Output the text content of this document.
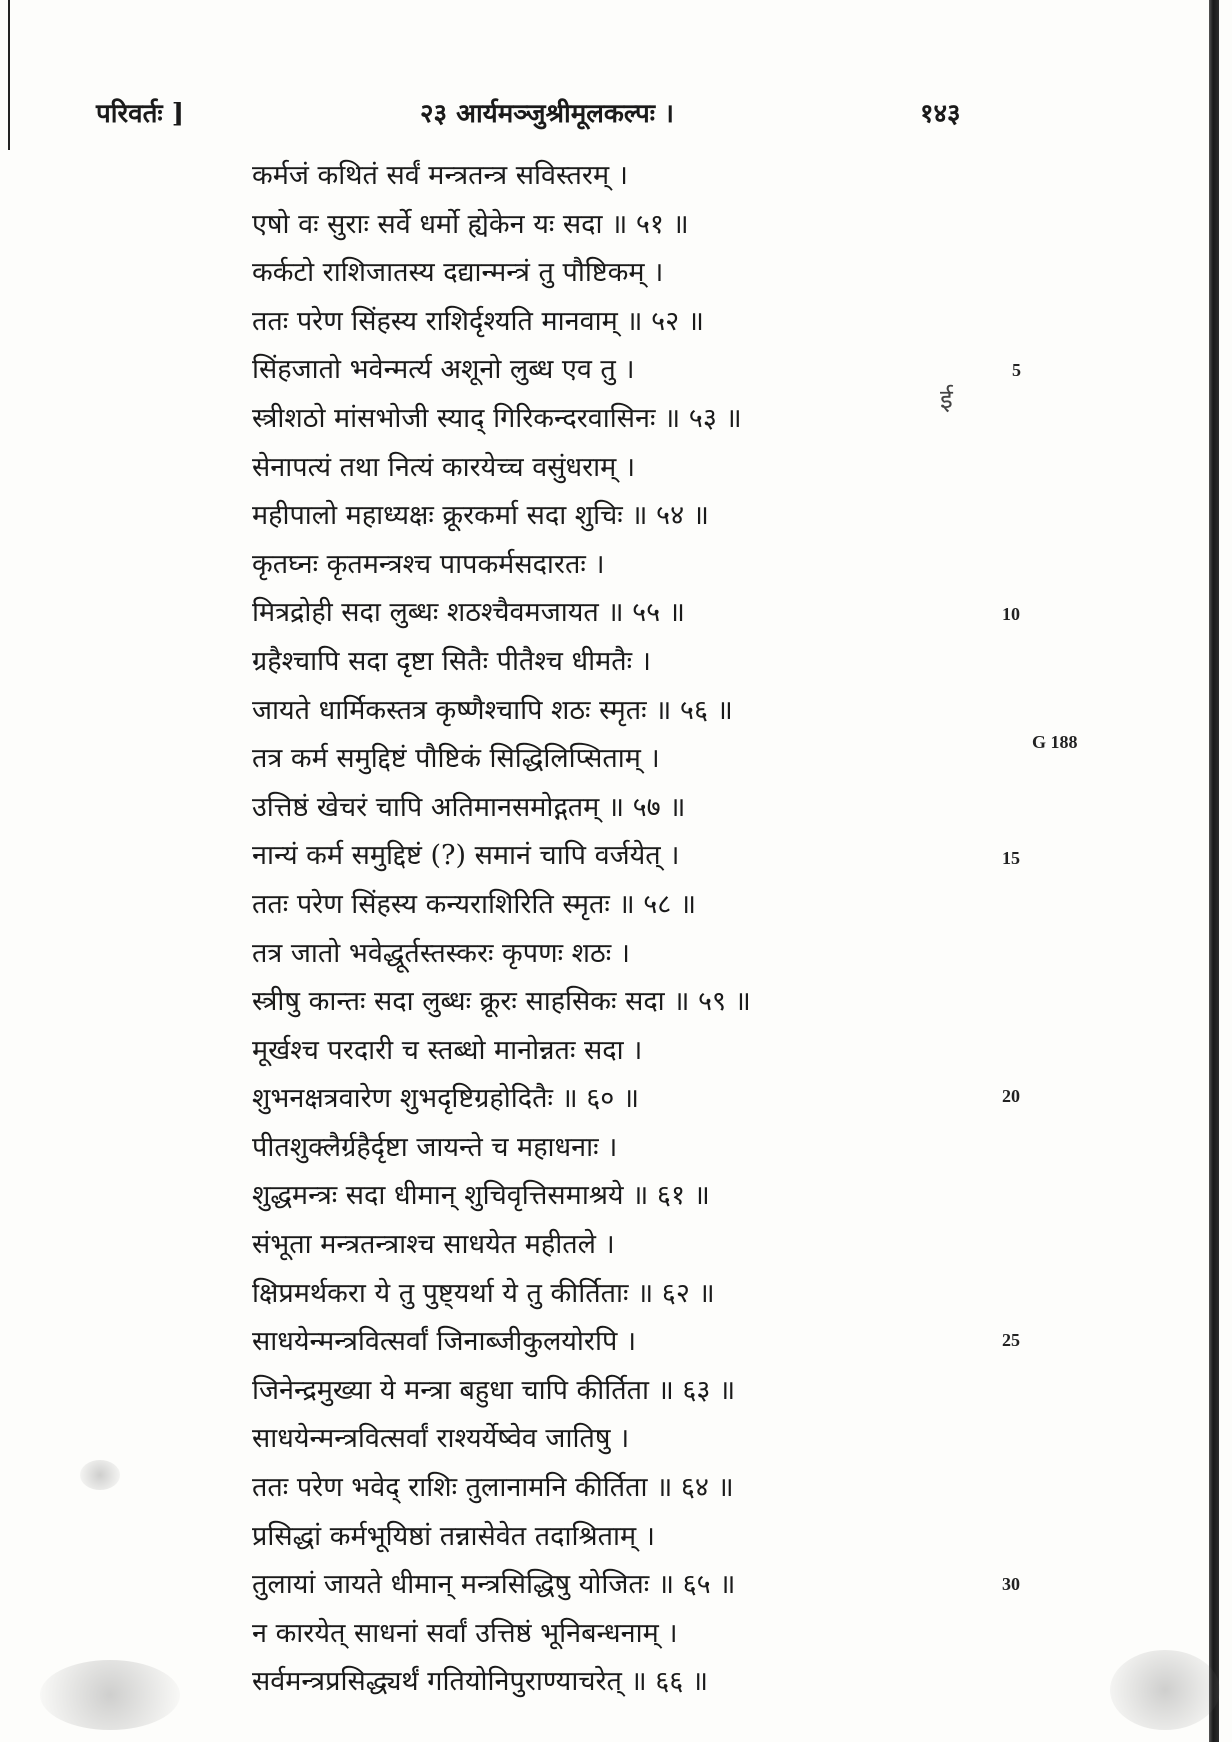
परिवर्तः ]	२३ आर्यमञ्जुश्रीमूलकल्पः ।	१४३
कर्मजं कथितं सर्वं मन्त्रतन्त्र सविस्तरम् ।
एषो वः सुराः सर्वे धर्मो ह्येकेन यः सदा ॥ ५१ ॥
कर्कटो राशिजातस्य दद्यान्मन्त्रं तु पौष्टिकम् ।
ततः परेण सिंहस्य राशिर्दृश्यति मानवाम् ॥ ५२ ॥
सिंहजातो भवेन्मर्त्य अशूनो लुब्ध एव तु ।
स्त्रीशठो मांसभोजी स्याद् गिरिकन्दरवासिनः ॥ ५३ ॥
सेनापत्यं तथा नित्यं कारयेच्च वसुंधराम् ।
महीपालो महाध्यक्षः क्रूरकर्मा सदा शुचिः ॥ ५४ ॥
कृतघ्नः कृतमन्त्रश्च पापकर्मसदारतः ।
मित्रद्रोही सदा लुब्धः शठश्चैवमजायत ॥ ५५ ॥
ग्रहैश्चापि सदा दृष्टा सितैः पीतैश्च धीमतैः ।
जायते धार्मिकस्तत्र कृष्णैश्चापि शठः स्मृतः ॥ ५६ ॥
तत्र कर्म समुद्दिष्टं पौष्टिकं सिद्धिलिप्सिताम् ।
उत्तिष्ठं खेचरं चापि अतिमानसमोद्गतम् ॥ ५७ ॥
नान्यं कर्म समुद्दिष्टं (?) समानं चापि वर्जयेत् ।
ततः परेण सिंहस्य कन्यराशिरिति स्मृतः ॥ ५८ ॥
तत्र जातो भवेद्धूर्तस्तस्करः कृपणः शठः ।
स्त्रीषु कान्तः सदा लुब्धः क्रूरः साहसिकः सदा ॥ ५९ ॥
मूर्खश्च परदारी च स्तब्धो मानोन्नतः सदा ।
शुभनक्षत्रवारेण शुभदृष्टिग्रहोदितैः ॥ ६० ॥
पीतशुक्लैर्ग्रहैर्दृष्टा जायन्ते च महाधनाः ।
शुद्धमन्त्रः सदा धीमान् शुचिवृत्तिसमाश्रये ॥ ६१ ॥
संभूता मन्त्रतन्त्राश्च साधयेत महीतले ।
क्षिप्रमर्थकरा ये तु पुष्ट्यर्था ये तु कीर्तिताः ॥ ६२ ॥
साधयेन्मन्त्रवित्सर्वां जिनाब्जीकुलयोरपि ।
जिनेन्द्रमुख्या ये मन्त्रा बहुधा चापि कीर्तिता ॥ ६३ ॥
साधयेन्मन्त्रवित्सर्वां राश्यर्येष्वेव जातिषु ।
ततः परेण भवेद् राशिः तुलानामनि कीर्तिता ॥ ६४ ॥
प्रसिद्धां कर्मभूयिष्ठां तन्नासेवेत तदाश्रिताम् ।
तुलायां जायते धीमान् मन्त्रसिद्धिषु योजितः ॥ ६५ ॥
न कारयेत् साधनां सर्वां उत्तिष्ठं भूनिबन्धनाम् ।
सर्वमन्त्रप्रसिद्ध्यर्थं गतियोनिपुराण्याचरेत् ॥ ६६ ॥
5
10
G 188
15
20
25
30
ई
